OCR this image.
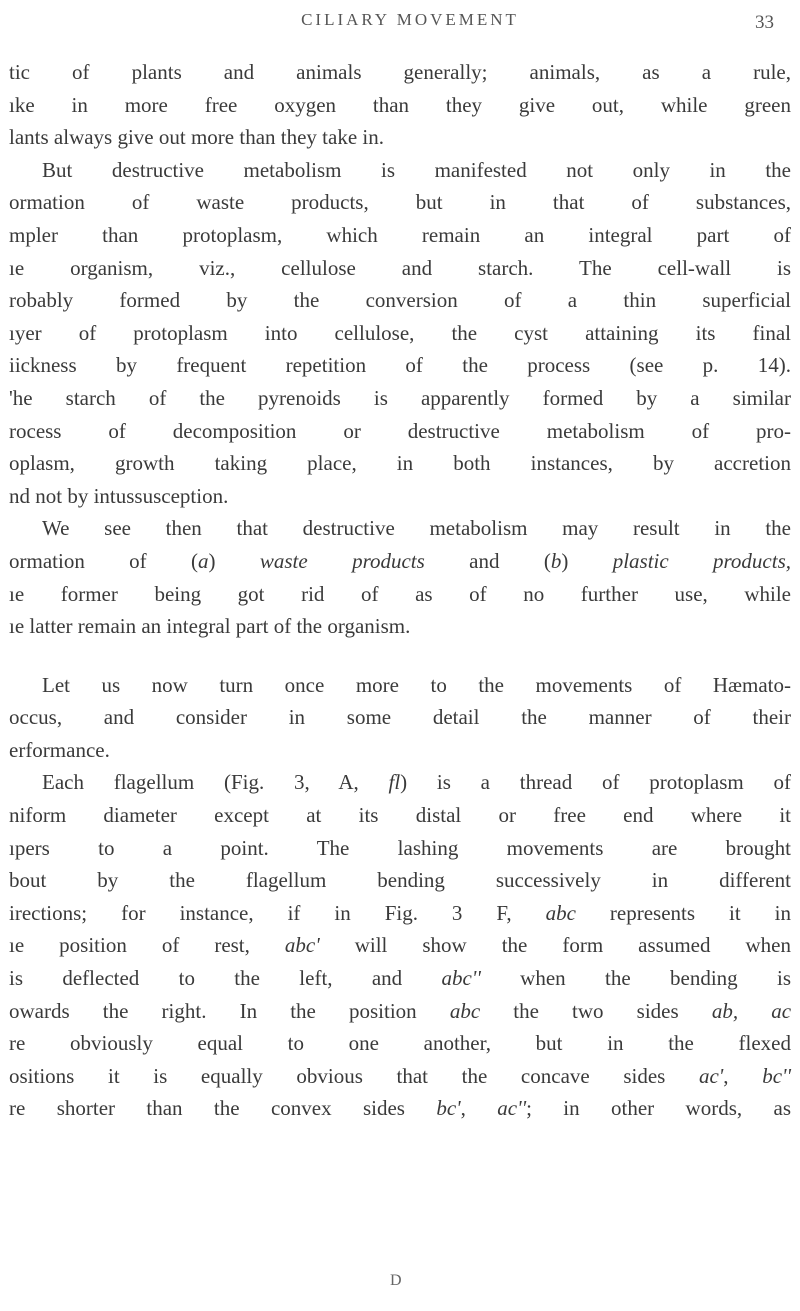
CILIARY MOVEMENT	33
tic of plants and animals generally; animals, as a rule,
ıke in more free oxygen than they give out, while green
lants always give out more than they take in.
But destructive metabolism is manifested not only in the
ormation of waste products, but in that of substances,
mpler than protoplasm, which remain an integral part of
ıe organism, viz., cellulose and starch. The cell-wall is
robably formed by the conversion of a thin superficial
ıyer of protoplasm into cellulose, the cyst attaining its final
iickness by frequent repetition of the process (see p. 14).
'he starch of the pyrenoids is apparently formed by a similar
rocess of decomposition or destructive metabolism of pro-
oplasm, growth taking place, in both instances, by accretion
nd not by intussusception.
We see then that destructive metabolism may result in the
ormation of (a) waste products and (b) plastic products,
ıe former being got rid of as of no further use, while
ıe latter remain an integral part of the organism.
Let us now turn once more to the movements of Hæmato-
occus, and consider in some detail the manner of their
erformance.
Each flagellum (Fig. 3, A, fl) is a thread of protoplasm of
niform diameter except at its distal or free end where it
ıpers to a point. The lashing movements are brought
bout by the flagellum bending successively in different
irections; for instance, if in Fig. 3 F, abc represents it in
ıe position of rest, abc' will show the form assumed when
is deflected to the left, and abc'' when the bending is
owards the right. In the position abc the two sides ab, ac
re obviously equal to one another, but in the flexed
ositions it is equally obvious that the concave sides ac', bc''
re shorter than the convex sides bc', ac''; in other words, as
D
